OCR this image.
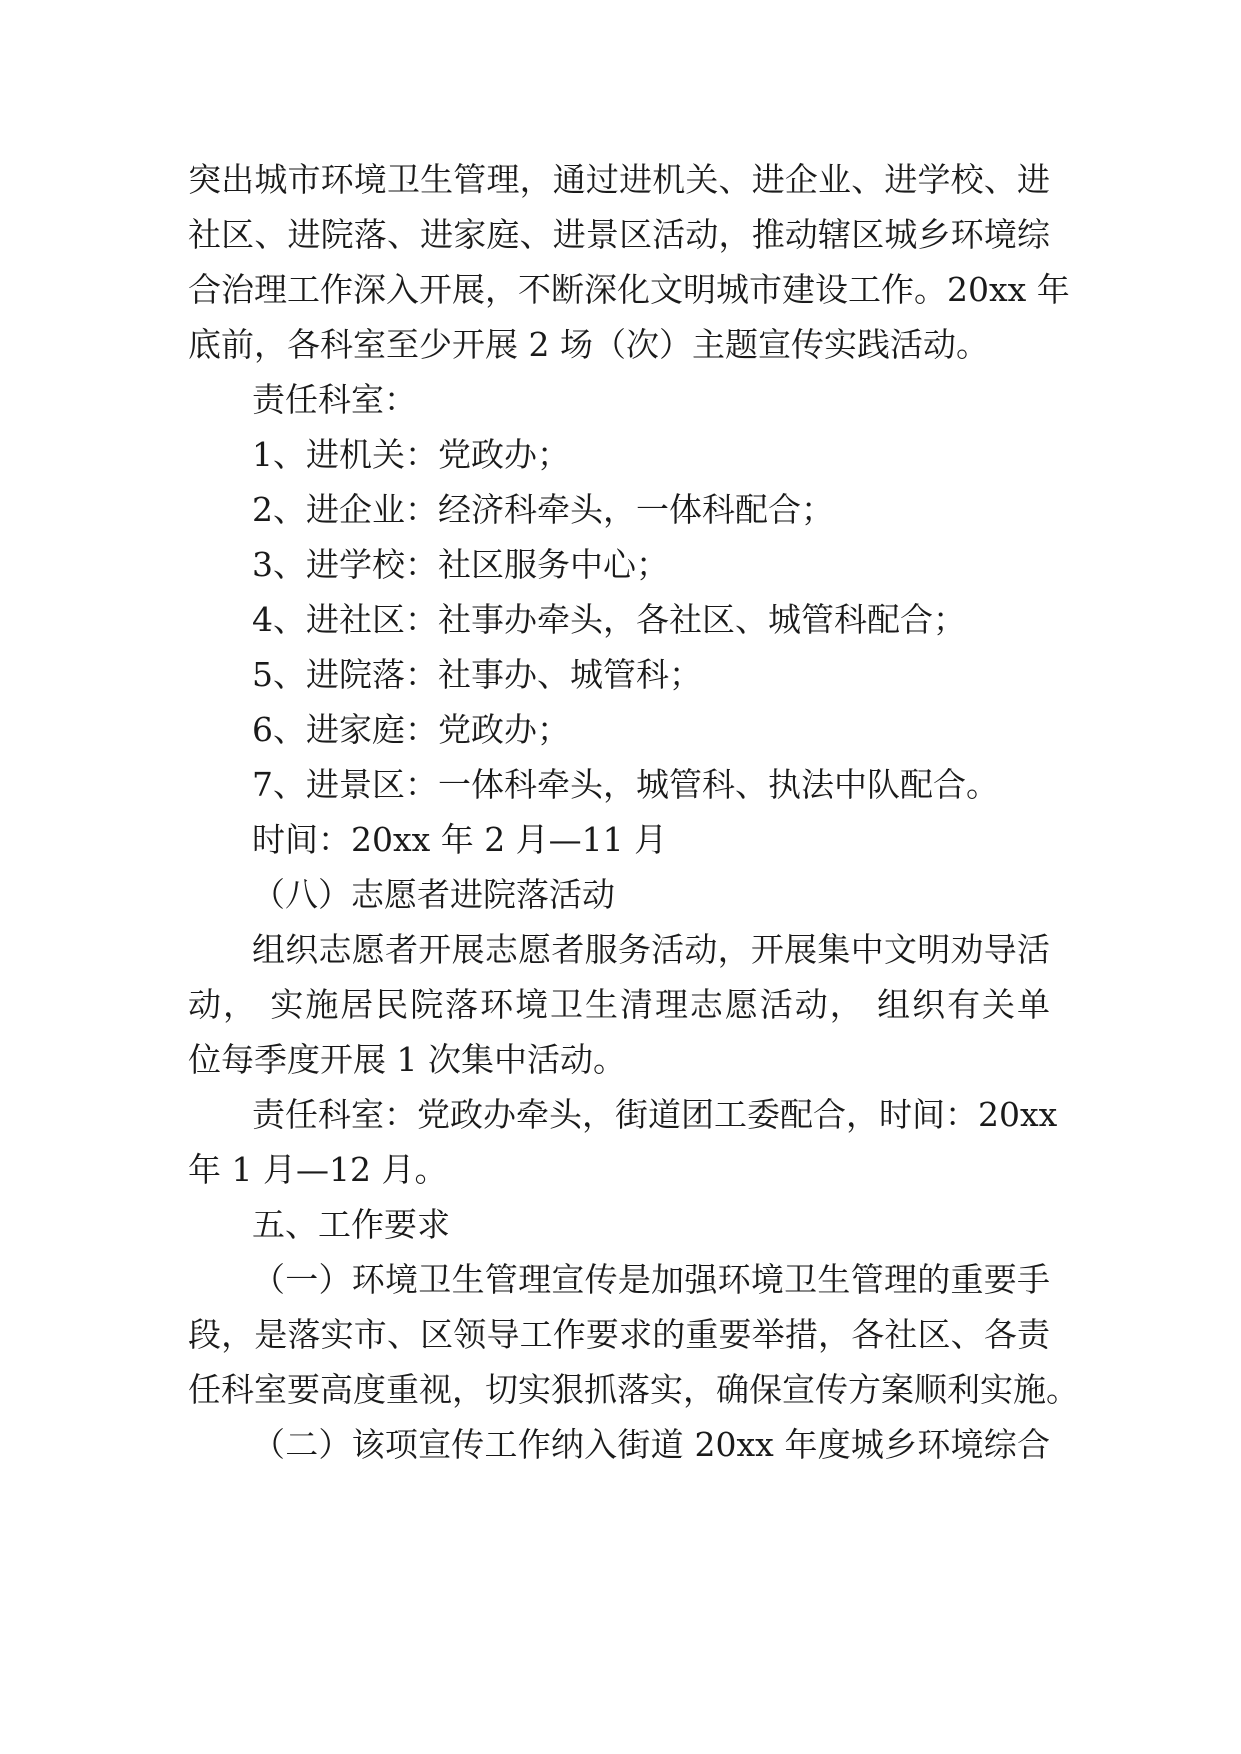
突出城市环境卫生管理，通过进机关、进企业、进学校、进
社区、进院落、进家庭、进景区活动，推动辖区城乡环境综
合治理工作深入开展，不断深化文明城市建设工作。20xx 年
底前，各科室至少开展 2 场（次）主题宣传实践活动。
责任科室：
1、进机关：党政办；
2、进企业：经济科牵头，一体科配合；
3、进学校：社区服务中心；
4、进社区：社事办牵头，各社区、城管科配合；
5、进院落：社事办、城管科；
6、进家庭：党政办；
7、进景区：一体科牵头，城管科、执法中队配合。
时间：20xx 年 2 月—11 月
（八）志愿者进院落活动
组织志愿者开展志愿者服务活动，开展集中文明劝导活
动， 实施居民院落环境卫生清理志愿活动， 组织有关单
位每季度开展 1 次集中活动。
责任科室：党政办牵头，街道团工委配合，时间：20xx
年 1 月—12 月。
五、工作要求
（一）环境卫生管理宣传是加强环境卫生管理的重要手
段，是落实市、区领导工作要求的重要举措，各社区、各责
任科室要高度重视，切实狠抓落实，确保宣传方案顺利实施。
（二）该项宣传工作纳入街道 20xx 年度城乡环境综合
